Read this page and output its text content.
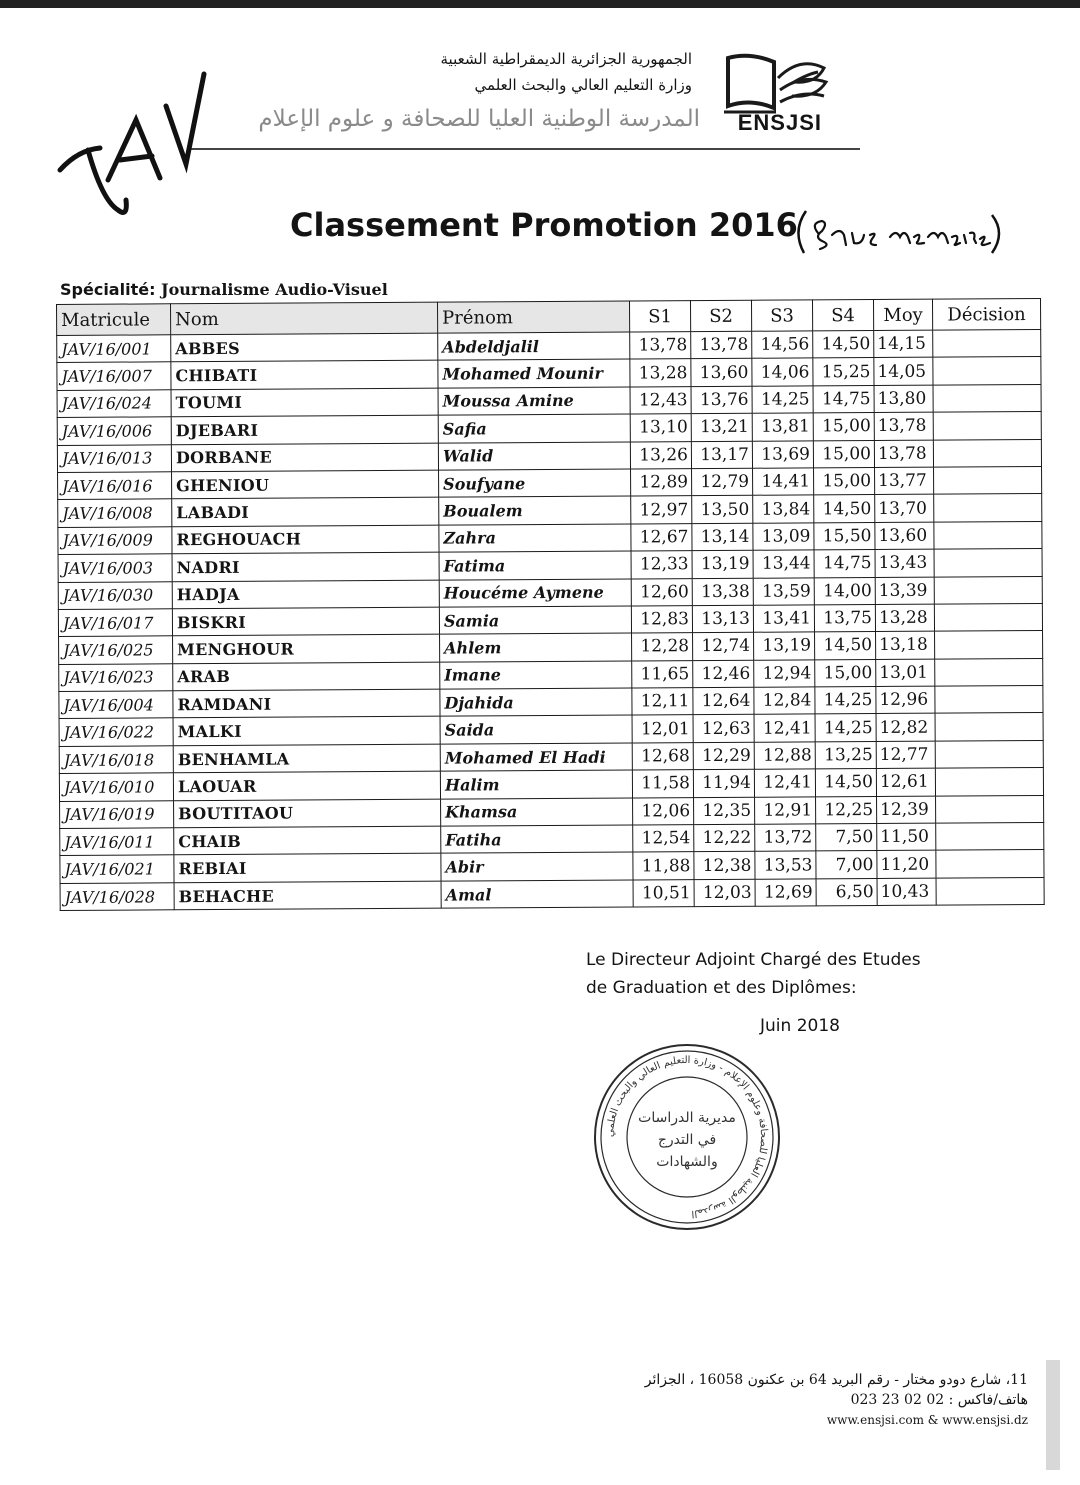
الجمهورية الجزائرية الديمقراطية الشعبية
وزارة التعليم العالي والبحث العلمي
المدرسة الوطنية العليا للصحافة و علوم الإعلام ENSJSI
Classement Promotion 2016
Spécialité: Journalisme Audio-Visuel
Matricule	Nom	Prénom	S1	S2	S3	S4	Moy	Décision
JAV/16/001	ABBES	Abdeldjalil	13,78	13,78	14,56	14,50	14,15	
JAV/16/007	CHIBATI	Mohamed Mounir	13,28	13,60	14,06	15,25	14,05	
JAV/16/024	TOUMI	Moussa Amine	12,43	13,76	14,25	14,75	13,80	
JAV/16/006	DJEBARI	Safia	13,10	13,21	13,81	15,00	13,78	
JAV/16/013	DORBANE	Walid	13,26	13,17	13,69	15,00	13,78	
JAV/16/016	GHENIOU	Soufyane	12,89	12,79	14,41	15,00	13,77	
JAV/16/008	LABADI	Boualem	12,97	13,50	13,84	14,50	13,70	
JAV/16/009	REGHOUACH	Zahra	12,67	13,14	13,09	15,50	13,60	
JAV/16/003	NADRI	Fatima	12,33	13,19	13,44	14,75	13,43	
JAV/16/030	HADJA	Houcéme Aymene	12,60	13,38	13,59	14,00	13,39	
JAV/16/017	BISKRI	Samia	12,83	13,13	13,41	13,75	13,28	
JAV/16/025	MENGHOUR	Ahlem	12,28	12,74	13,19	14,50	13,18	
JAV/16/023	ARAB	Imane	11,65	12,46	12,94	15,00	13,01	
JAV/16/004	RAMDANI	Djahida	12,11	12,64	12,84	14,25	12,96	
JAV/16/022	MALKI	Saida	12,01	12,63	12,41	14,25	12,82	
JAV/16/018	BENHAMLA	Mohamed El Hadi	12,68	12,29	12,88	13,25	12,77	
JAV/16/010	LAOUAR	Halim	11,58	11,94	12,41	14,50	12,61	
JAV/16/019	BOUTITAOU	Khamsa	12,06	12,35	12,91	12,25	12,39	
JAV/16/011	CHAIB	Fatiha	12,54	12,22	13,72	7,50	11,50	
JAV/16/021	REBIAI	Abir	11,88	12,38	13,53	7,00	11,20	
JAV/16/028	BEHACHE	Amal	10,51	12,03	12,69	6,50	10,43	
Le Directeur Adjoint Chargé des Etudes
de Graduation et des Diplômes:
Juin 2018
المدرسة الوطنية العليا للصحافة وعلوم الإعلام - وزارة التعليم العالي والبحث العلمي
مديرية الدراسات
في التدرج
والشهادات
11، شارع دودو مختار - رقم البريد 64 بن عكنون 16058 ، الجزائر
هاتف/فاكس : 02 02 23 023
www.ensjsi.com & www.ensjsi.dz
